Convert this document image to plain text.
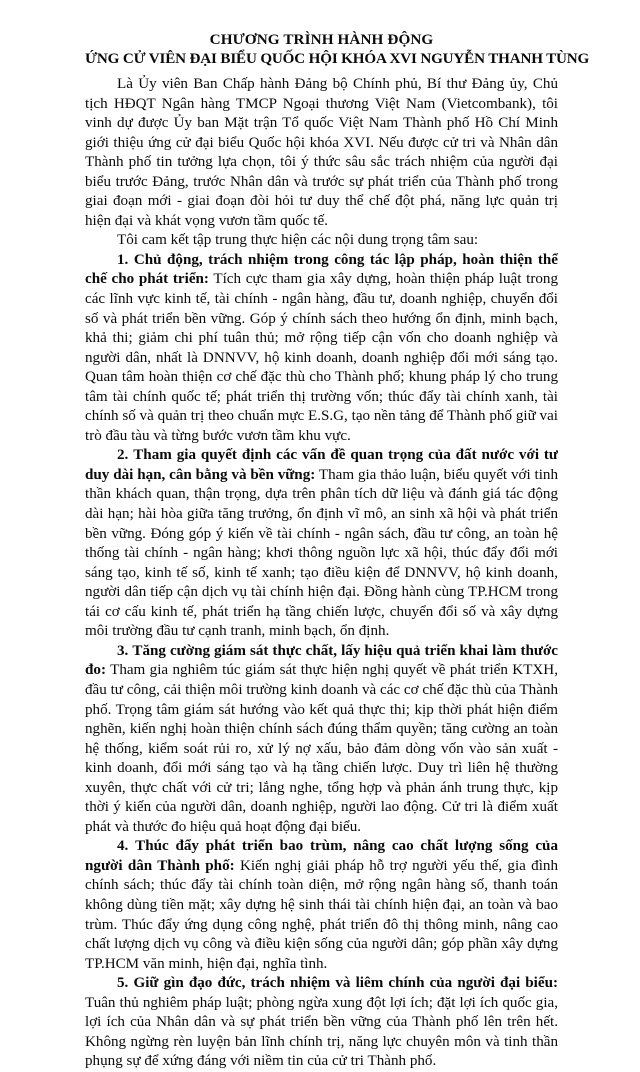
CHƯƠNG TRÌNH HÀNH ĐỘNG
ỨNG CỬ VIÊN ĐẠI BIỂU QUỐC HỘI KHÓA XVI NGUYỄN THANH TÙNG

Là Ủy viên Ban Chấp hành Đảng bộ Chính phủ, Bí thư Đảng ủy, Chủ tịch HĐQT Ngân hàng TMCP Ngoại thương Việt Nam (Vietcombank), tôi vinh dự được Ủy ban Mặt trận Tổ quốc Việt Nam Thành phố Hồ Chí Minh giới thiệu ứng cử đại biểu Quốc hội khóa XVI. Nếu được cử tri và Nhân dân Thành phố tin tưởng lựa chọn, tôi ý thức sâu sắc trách nhiệm của người đại biểu trước Đảng, trước Nhân dân và trước sự phát triển của Thành phố trong giai đoạn mới - giai đoạn đòi hỏi tư duy thể chế đột phá, năng lực quản trị hiện đại và khát vọng vươn tầm quốc tế.

Tôi cam kết tập trung thực hiện các nội dung trọng tâm sau:

1. Chủ động, trách nhiệm trong công tác lập pháp, hoàn thiện thể chế cho phát triển: Tích cực tham gia xây dựng, hoàn thiện pháp luật trong các lĩnh vực kinh tế, tài chính - ngân hàng, đầu tư, doanh nghiệp, chuyển đổi số và phát triển bền vững. Góp ý chính sách theo hướng ổn định, minh bạch, khả thi; giảm chi phí tuân thủ; mở rộng tiếp cận vốn cho doanh nghiệp và người dân, nhất là DNNVV, hộ kinh doanh, doanh nghiệp đổi mới sáng tạo. Quan tâm hoàn thiện cơ chế đặc thù cho Thành phố; khung pháp lý cho trung tâm tài chính quốc tế; phát triển thị trường vốn; thúc đẩy tài chính xanh, tài chính số và quản trị theo chuẩn mực E.S.G, tạo nền tảng để Thành phố giữ vai trò đầu tàu và từng bước vươn tầm khu vực.

2. Tham gia quyết định các vấn đề quan trọng của đất nước với tư duy dài hạn, cân bằng và bền vững: Tham gia thảo luận, biểu quyết với tinh thần khách quan, thận trọng, dựa trên phân tích dữ liệu và đánh giá tác động dài hạn; hài hòa giữa tăng trưởng, ổn định vĩ mô, an sinh xã hội và phát triển bền vững. Đóng góp ý kiến về tài chính - ngân sách, đầu tư công, an toàn hệ thống tài chính - ngân hàng; khơi thông nguồn lực xã hội, thúc đẩy đổi mới sáng tạo, kinh tế số, kinh tế xanh; tạo điều kiện để DNNVV, hộ kinh doanh, người dân tiếp cận dịch vụ tài chính hiện đại. Đồng hành cùng TP.HCM trong tái cơ cấu kinh tế, phát triển hạ tầng chiến lược, chuyển đổi số và xây dựng môi trường đầu tư cạnh tranh, minh bạch, ổn định.

3. Tăng cường giám sát thực chất, lấy hiệu quả triển khai làm thước đo: Tham gia nghiêm túc giám sát thực hiện nghị quyết về phát triển KTXH, đầu tư công, cải thiện môi trường kinh doanh và các cơ chế đặc thù của Thành phố. Trọng tâm giám sát hướng vào kết quả thực thi; kịp thời phát hiện điểm nghẽn, kiến nghị hoàn thiện chính sách đúng thẩm quyền; tăng cường an toàn hệ thống, kiểm soát rủi ro, xử lý nợ xấu, bảo đảm dòng vốn vào sản xuất - kinh doanh, đổi mới sáng tạo và hạ tầng chiến lược. Duy trì liên hệ thường xuyên, thực chất với cử tri; lắng nghe, tổng hợp và phản ánh trung thực, kịp thời ý kiến của người dân, doanh nghiệp, người lao động. Cử tri là điểm xuất phát và thước đo hiệu quả hoạt động đại biểu.

4. Thúc đẩy phát triển bao trùm, nâng cao chất lượng sống của người dân Thành phố: Kiến nghị giải pháp hỗ trợ người yếu thế, gia đình chính sách; thúc đẩy tài chính toàn diện, mở rộng ngân hàng số, thanh toán không dùng tiền mặt; xây dựng hệ sinh thái tài chính hiện đại, an toàn và bao trùm. Thúc đẩy ứng dụng công nghệ, phát triển đô thị thông minh, nâng cao chất lượng dịch vụ công và điều kiện sống của người dân; góp phần xây dựng TP.HCM văn minh, hiện đại, nghĩa tình.

5. Giữ gìn đạo đức, trách nhiệm và liêm chính của người đại biểu: Tuân thủ nghiêm pháp luật; phòng ngừa xung đột lợi ích; đặt lợi ích quốc gia, lợi ích của Nhân dân và sự phát triển bền vững của Thành phố lên trên hết. Không ngừng rèn luyện bản lĩnh chính trị, năng lực chuyên môn và tinh thần phụng sự để xứng đáng với niềm tin của cử tri Thành phố.
